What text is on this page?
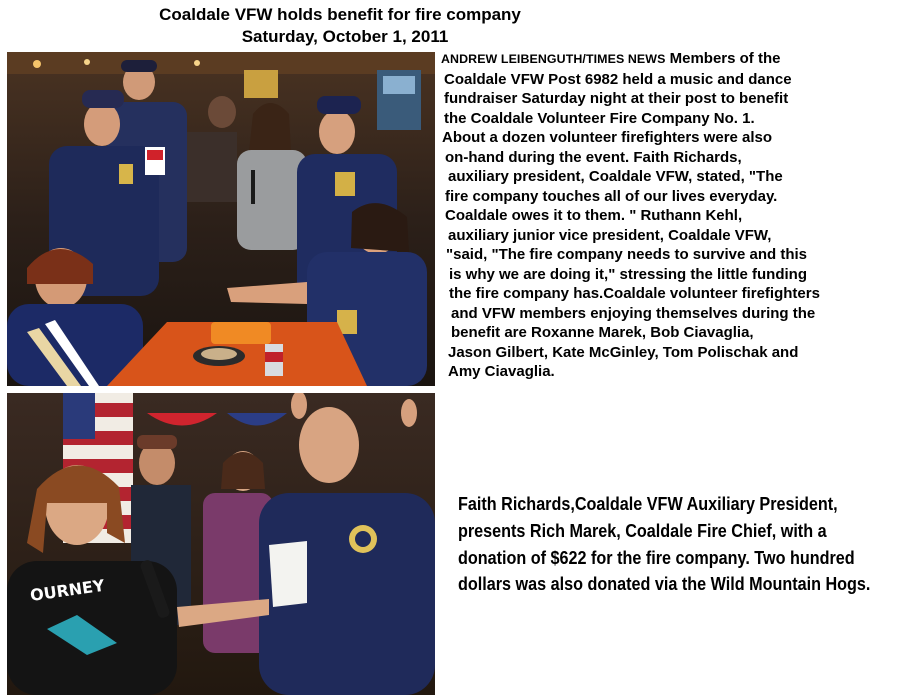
Coaldale VFW holds benefit for fire company
Saturday, October 1, 2011
ANDREW LEIBENGUTH/TIMES NEWS Members of the
Coaldale VFW Post 6982 held a music and dance
fundraiser Saturday night at their post to benefit
the Coaldale Volunteer Fire Company No. 1.
About a dozen volunteer firefighters were also
on-hand during the event. Faith Richards,
auxiliary president, Coaldale VFW, stated, "The
fire company touches all of our lives everyday.
Coaldale owes it to them. " Ruthann Kehl,
auxiliary junior vice president, Coaldale VFW,
"said, "The fire company needs to survive and this
is why we are doing it," stressing the little funding
the fire company has.Coaldale volunteer firefighters
and VFW members enjoying themselves during the
benefit are Roxanne Marek, Bob Ciavaglia,
Jason Gilbert, Kate McGinley, Tom Polischak and
Amy Ciavaglia.
OURNEY
Faith Richards,Coaldale VFW Auxiliary President,
presents Rich Marek, Coaldale Fire Chief, with a
donation of $622 for the fire company. Two hundred
dollars was also donated via the Wild Mountain Hogs.
